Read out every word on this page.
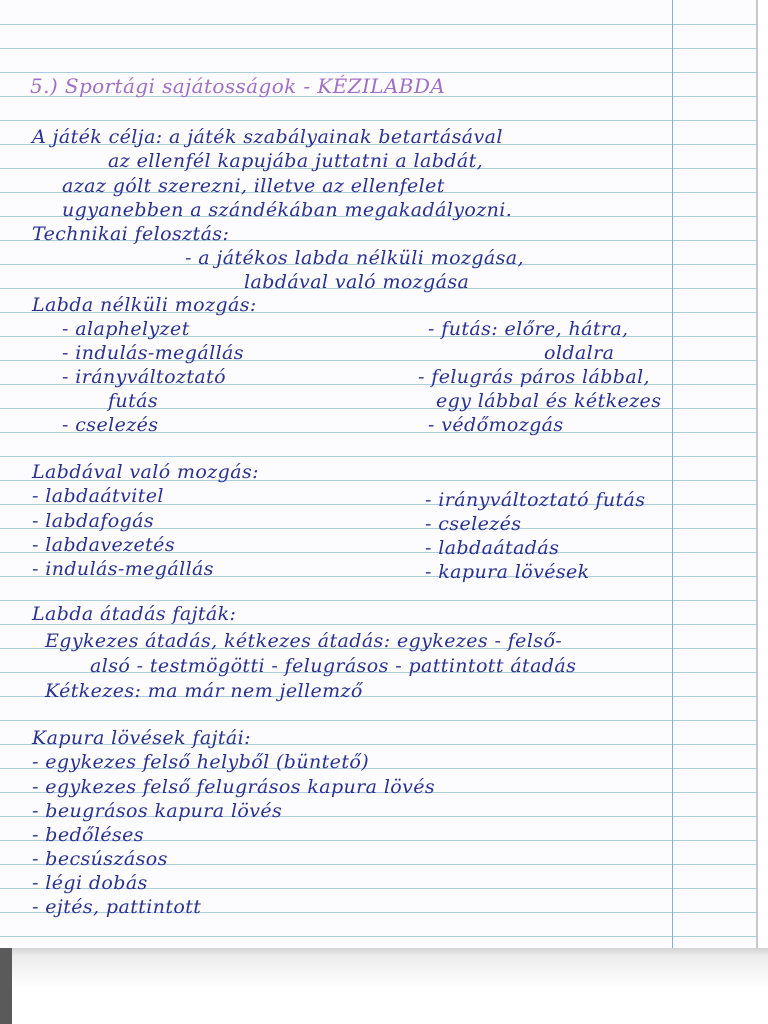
5.) Sportági sajátosságok - KÉZILABDA

A játék célja: a játék szabályainak betartásával

az ellenfél kapujába juttatni a labdát,

azaz gólt szerezni, illetve az ellenfelet

ugyanebben a szándékában megakadályozni.

Technikai felosztás:

- a játékos labda nélküli mozgása,

labdával való mozgása

Labda nélküli mozgás:

- alaphelyzet

- indulás-megállás

- irányváltoztató

futás

- cselezés

- futás: előre, hátra,

oldalra

- felugrás páros lábbal,

egy lábbal és kétkezes

- védőmozgás

Labdával való mozgás:

- labdaátvitel

- labdafogás

- labdavezetés

- indulás-megállás

- irányváltoztató futás

- cselezés

- labdaátadás

- kapura lövések

Labda átadás fajták:

Egykezes átadás, kétkezes átadás: egykezes - felső-

alsó - testmögötti - felugrásos - pattintott átadás

Kétkezes: ma már nem jellemző

Kapura lövések fajtái:

- egykezes felső helyből (büntető)

- egykezes felső felugrásos kapura lövés

- beugrásos kapura lövés

- bedőléses

- becsúszásos

- légi dobás

- ejtés, pattintott
